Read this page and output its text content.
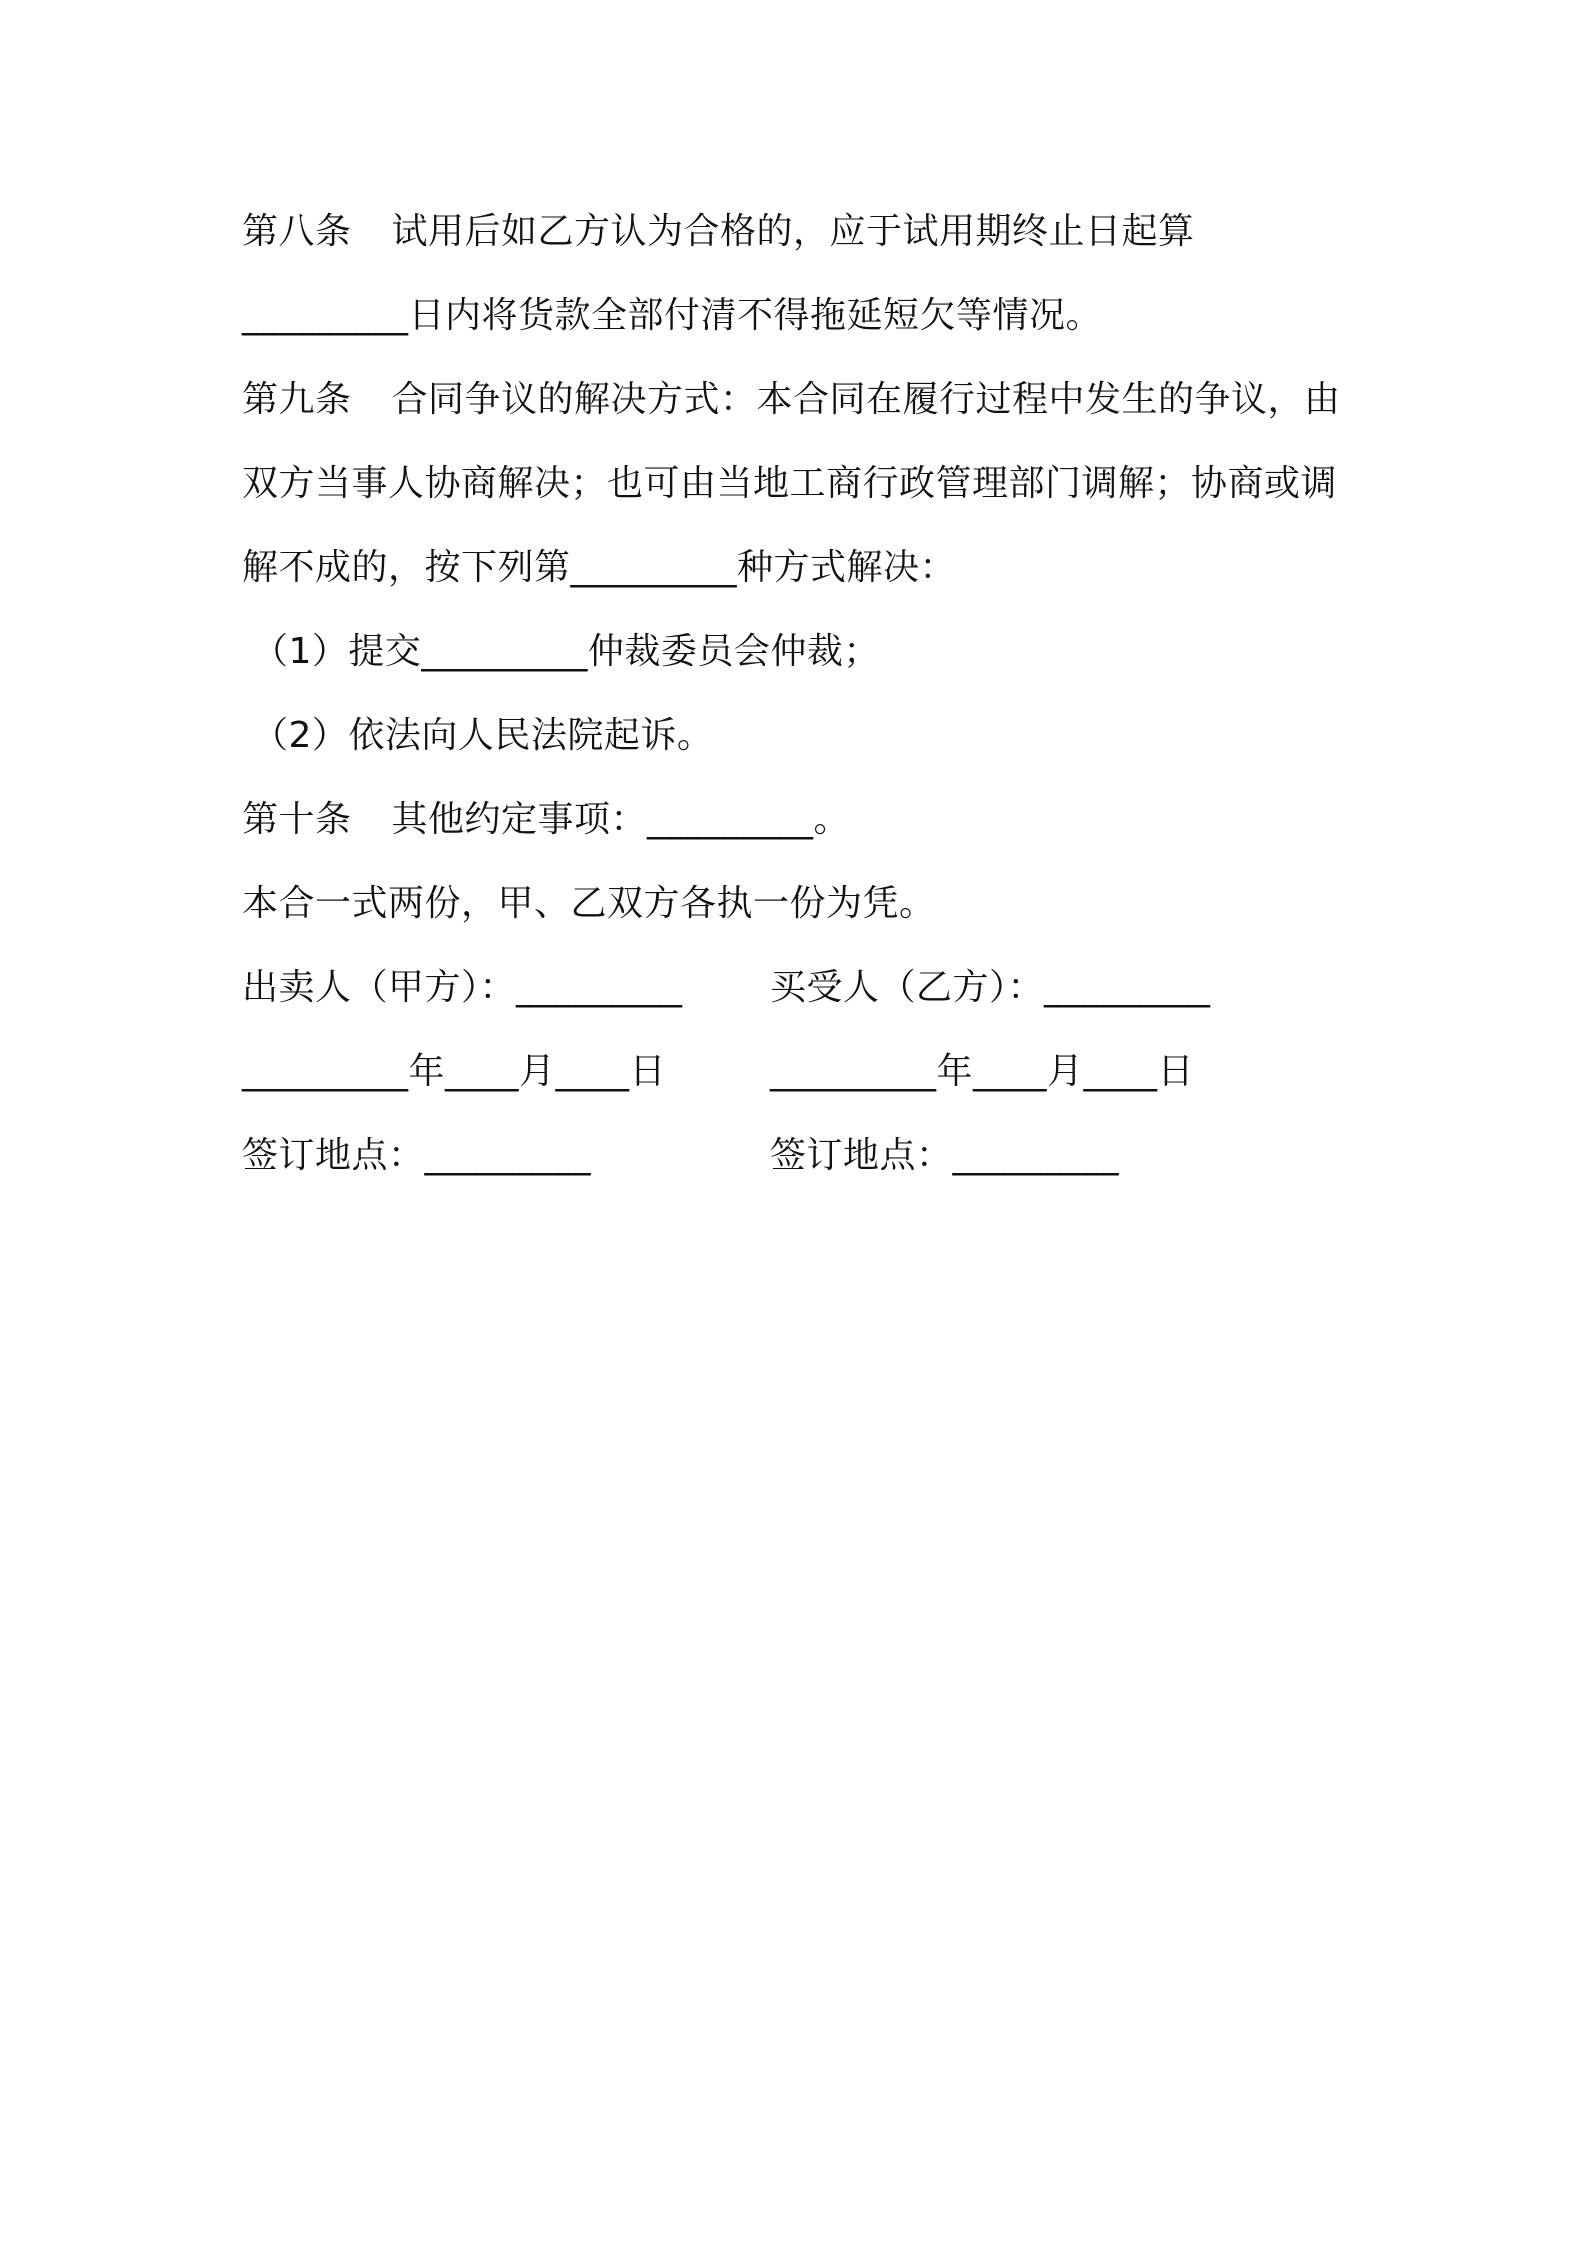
第八条 试用后如乙方认为合格的，应于试用期终止日起算
_________日内将货款全部付清不得拖延短欠等情况。
第九条 合同争议的解决方式：本合同在履行过程中发生的争议，由
双方当事人协商解决；也可由当地工商行政管理部门调解；协商或调
解不成的，按下列第_________种方式解决：
（1）提交_________仲裁委员会仲裁；
（2）依法向人民法院起诉。
第十条 其他约定事项：_________。
本合一式两份，甲、乙双方各执一份为凭。
出卖人（甲方）：_________	买受人（乙方）：_________
_________年____月____日	_________年____月____日
签订地点：_________	签订地点：_________
